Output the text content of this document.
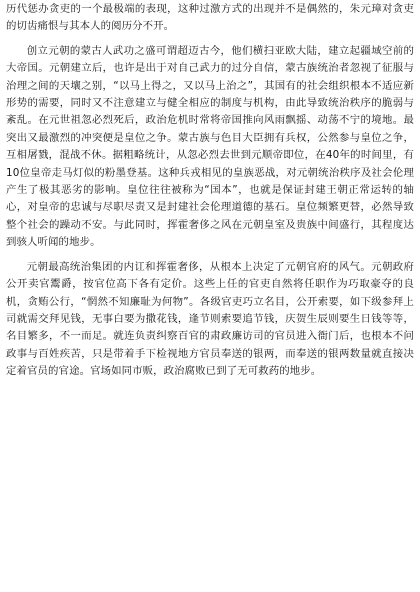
历代惩办贪吏的一个最极端的表现，这种过激方式的出现并不是偶然的，朱元璋对贪吏的切齿痛恨与其本人的阅历分不开。

创立元朝的蒙古人武功之盛可谓超迈古今，他们横扫亚欧大陆，建立起疆域空前的大帝国。元朝建立后，也许是出于对自己武力的过分自信，蒙古族统治者忽视了征服与治理之间的天壤之别，“以马上得之，又以马上治之”，其国有的社会组织根本不适应新形势的需要，同时又不注意建立与健全相应的制度与机构，由此导致统治秩序的脆弱与紊乱。在元世祖忽必烈死后，政治危机时常将帝国推向风雨飘摇、动荡不宁的境地。最突出又最激烈的冲突便是皇位之争。蒙古族与色目大臣拥有兵权，公然参与皇位之争，互相屠戮，混战不休。据粗略统计，从忽必烈去世到元顺帝即位，在40年的时间里，有10位皇帝走马灯似的粉墨登基。这种兵戎相见的皇族恶战，对元朝统治秩序及社会伦理产生了极其恶劣的影响。皇位往往被称为“国本”，也就是保证封建王朝正常运转的轴心，对皇帝的忠诚与尽职尽责又是封建社会伦理道德的基石。皇位频繁更替，必然导致整个社会的躁动不安。与此同时，挥霍奢侈之风在元朝皇室及贵族中间盛行，其程度达到骇人听闻的地步。

元朝最高统治集团的内讧和挥霍奢侈，从根本上决定了元朝官府的风气。元朝政府公开卖官鬻爵，按官位高下各有定价。这些上任的官吏自然将任职作为巧取豪夺的良机，贪贿公行，“惘然不知廉耻为何物”。各级官吏巧立名目，公开索要，如下级参拜上司就需交拜见钱，无事白要为撒花钱，逢节则索要追节钱，庆贺生辰则要生日钱等等，名目繁多，不一而足。就连负责纠察百官的肃政廉访司的官员进入衙门后，也根本不问政事与百姓疾苦，只是带着手下检视地方官员奉送的银两，而奉送的银两数量就直接决定着官员的官途。官场如同市贩，政治腐败已到了无可救药的地步。
